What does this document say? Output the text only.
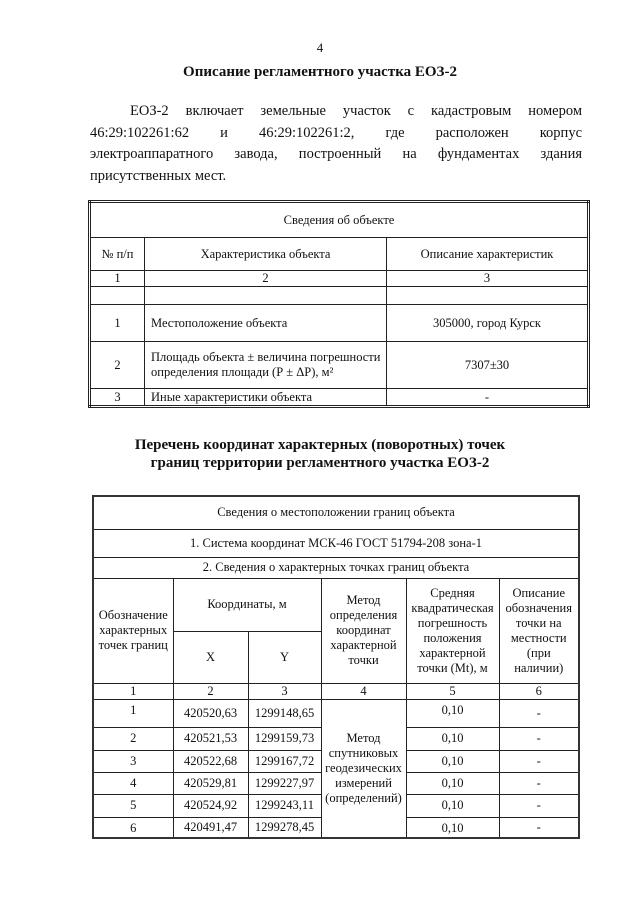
4
Описание регламентного участка ЕОЗ-2
ЕОЗ-2 включает земельные участок с кадастровым номером
46:29:102261:62 и 46:29:102261:2, где расположен корпус
электроаппаратного завода, построенный на фундаментах здания
присутственных мест.
Сведения об объекте		
№ п/п	Характеристика объекта	Описание характеристик
1	2	3

1	Местоположение объекта	305000, город Курск
2	Площадь объекта ± величина погрешности определения площади (Р ± ΔР), м²	7307±30
3	Иные характеристики объекта	-
Перечень координат характерных (поворотных) точек
границ территории регламентного участка ЕОЗ-2
Сведения о местоположении границ объекта					
1. Система координат МСК-46 ГОСТ 51794-208 зона-1					
2. Сведения о характерных точках границ объекта					
Обозначение характерных точек границ	Координаты, м		Метод определения координат характерной точки	Средняя квадратическая погрешность положения характерной точки (Mt), м	Описание обозначения точки на местности (при наличии)
	X	Y			
1	2	3	4	5	6
1	420520,63	1299148,65	Метод спутниковых геодезических измерений (определений)	0,10	-
2	420521,53	1299159,73		0,10	-
3	420522,68	1299167,72		0,10	-
4	420529,81	1299227,97		0,10	-
5	420524,92	1299243,11		0,10	-
6	420491,47	1299278,45		0,10	-
